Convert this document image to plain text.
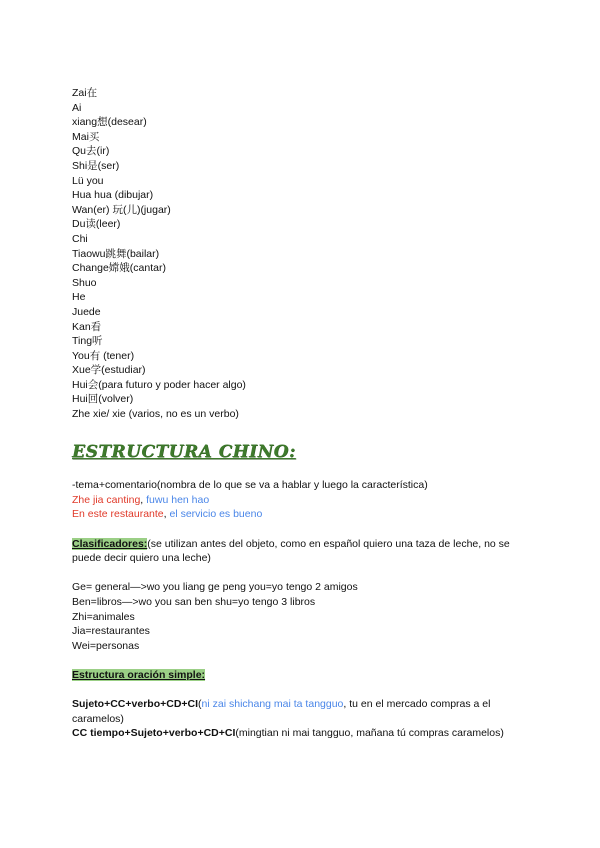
Zai在
Ai
xiang想(desear)
Mai买
Qu去(ir)
Shi是(ser)
Lü you
Hua hua (dibujar)
Wan(er) 玩(儿)(jugar)
Du读(leer)
Chi
Tiaowu跳舞(bailar)
Change嫦娥(cantar)
Shuo
He
Juede
Kan看
Ting听
You有 (tener)
Xue学(estudiar)
Hui会(para futuro y poder hacer algo)
Hui回(volver)
Zhe xie/ xie (varios, no es un verbo)
ESTRUCTURA CHINO:
-tema+comentario(nombra de lo que se va a hablar y luego la característica)
Zhe jia canting, fuwu hen hao
En este restaurante, el servicio es bueno
Clasificadores:(se utilizan antes del objeto, como en español quiero una taza de leche, no se puede decir quiero una leche)
Ge= general—>wo you liang ge peng you=yo tengo 2 amigos
Ben=libros—>wo you san ben shu=yo tengo 3 libros
Zhi=animales
Jia=restaurantes
Wei=personas
Estructura oración simple:
Sujeto+CC+verbo+CD+CI(ni zai shichang mai ta tangguo, tu en el mercado compras a el caramelos)
CC tiempo+Sujeto+verbo+CD+CI(mingtian ni mai tangguo, mañana tú compras caramelos)
